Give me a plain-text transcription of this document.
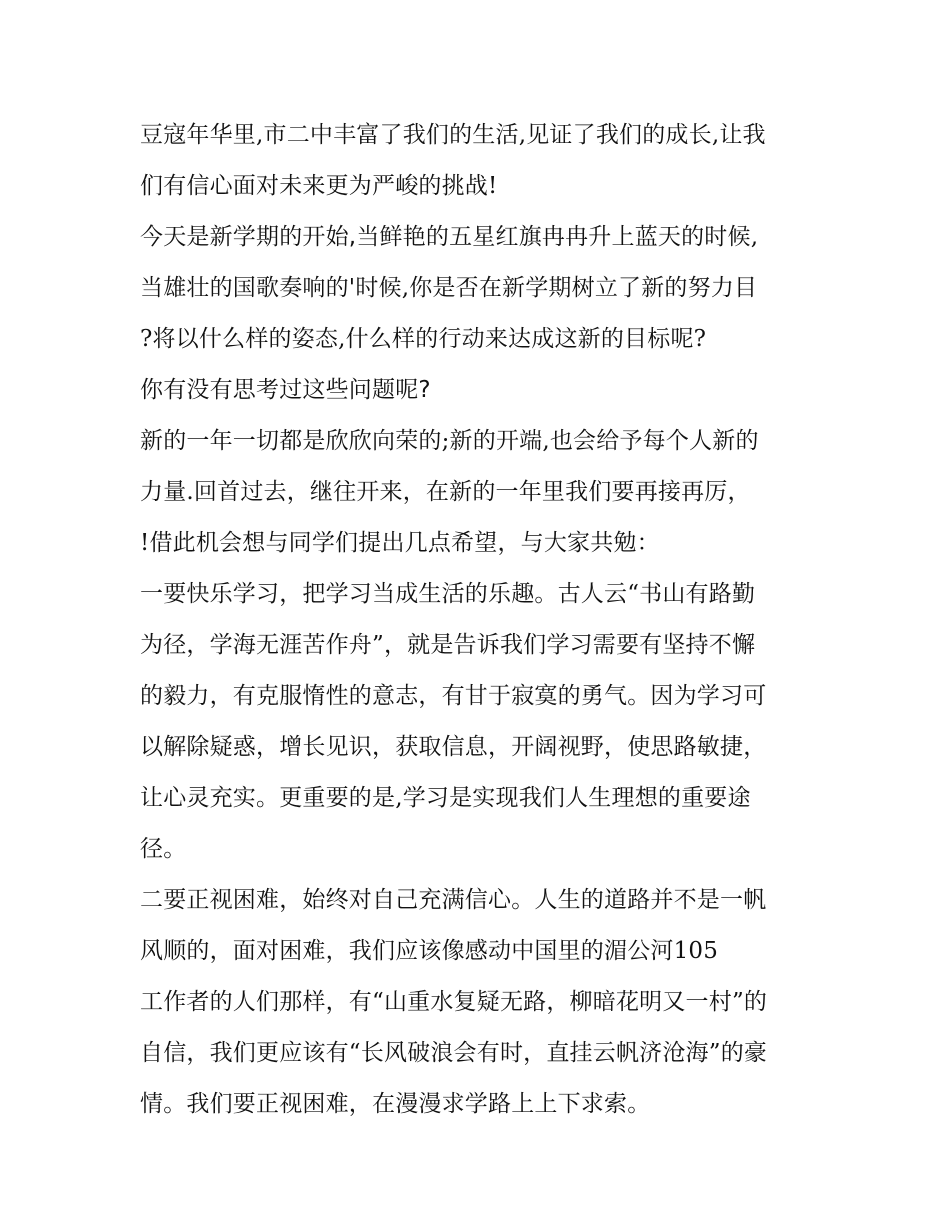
豆寇年华里,市二中丰富了我们的生活,见证了我们的成长,让我
们有信心面对未来更为严峻的挑战!
今天是新学期的开始,当鲜艳的五星红旗冉冉升上蓝天的时候,
当雄壮的国歌奏响的'时候,你是否在新学期树立了新的努力目
?将以什么样的姿态,什么样的行动来达成这新的目标呢?
你有没有思考过这些问题呢?
新的一年一切都是欣欣向荣的;新的开端,也会给予每个人新的
力量.回首过去，继往开来，在新的一年里我们要再接再厉，
!借此机会想与同学们提出几点希望，与大家共勉：
一要快乐学习，把学习当成生活的乐趣。古人云“书山有路勤
为径，学海无涯苦作舟”，就是告诉我们学习需要有坚持不懈
的毅力，有克服惰性的意志，有甘于寂寞的勇气。因为学习可
以解除疑惑，增长见识，获取信息，开阔视野，使思路敏捷，
让心灵充实。更重要的是,学习是实现我们人生理想的重要途
径。
二要正视困难，始终对自己充满信心。人生的道路并不是一帆
风顺的，面对困难，我们应该像感动中国里的湄公河105
工作者的人们那样，有“山重水复疑无路，柳暗花明又一村”的
自信，我们更应该有“长风破浪会有时，直挂云帆济沧海”的豪
情。我们要正视困难，在漫漫求学路上上下求索。
